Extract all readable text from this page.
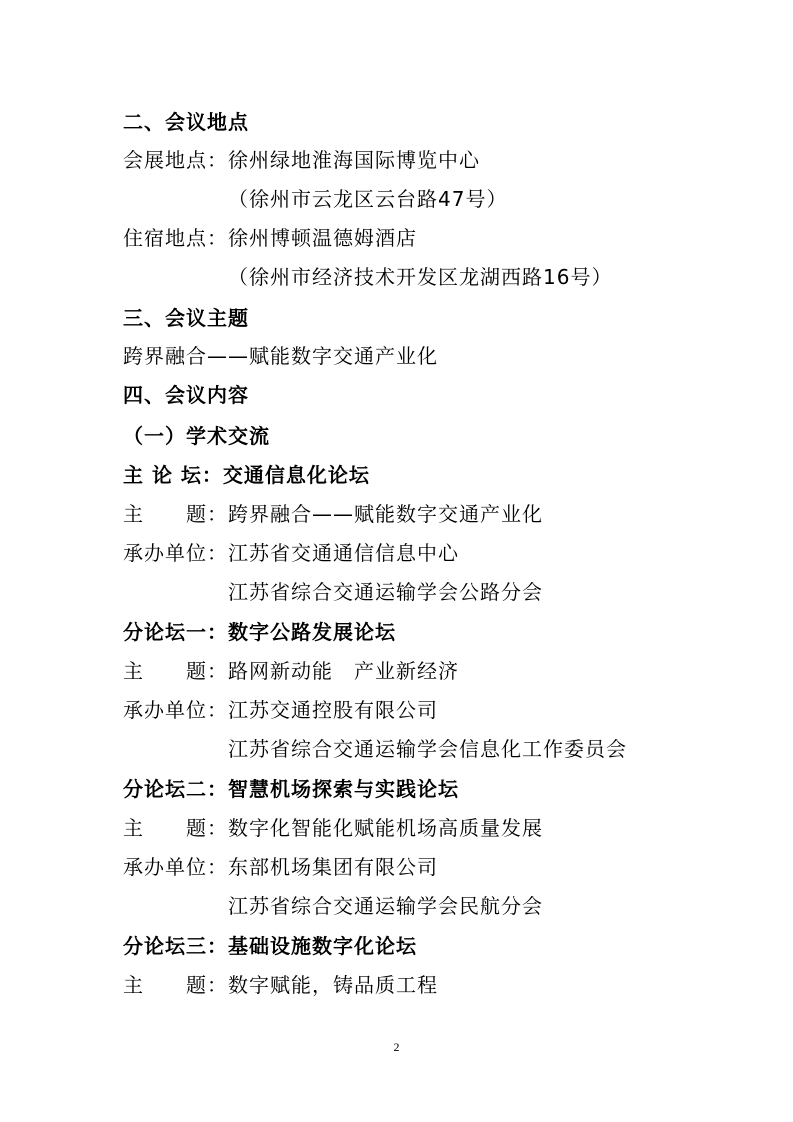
二、会议地点
会展地点：徐州绿地淮海国际博览中心
（徐州市云龙区云台路47号）
住宿地点：徐州博顿温德姆酒店
（徐州市经济技术开发区龙湖西路16号）
三、会议主题
跨界融合——赋能数字交通产业化
四、会议内容
（一）学术交流
主 论 坛：交通信息化论坛
主　　题：跨界融合——赋能数字交通产业化
承办单位：江苏省交通通信信息中心
江苏省综合交通运输学会公路分会
分论坛一：数字公路发展论坛
主　　题：路网新动能　产业新经济
承办单位：江苏交通控股有限公司
江苏省综合交通运输学会信息化工作委员会
分论坛二：智慧机场探索与实践论坛
主　　题：数字化智能化赋能机场高质量发展
承办单位：东部机场集团有限公司
江苏省综合交通运输学会民航分会
分论坛三：基础设施数字化论坛
主　　题：数字赋能，铸品质工程
2
